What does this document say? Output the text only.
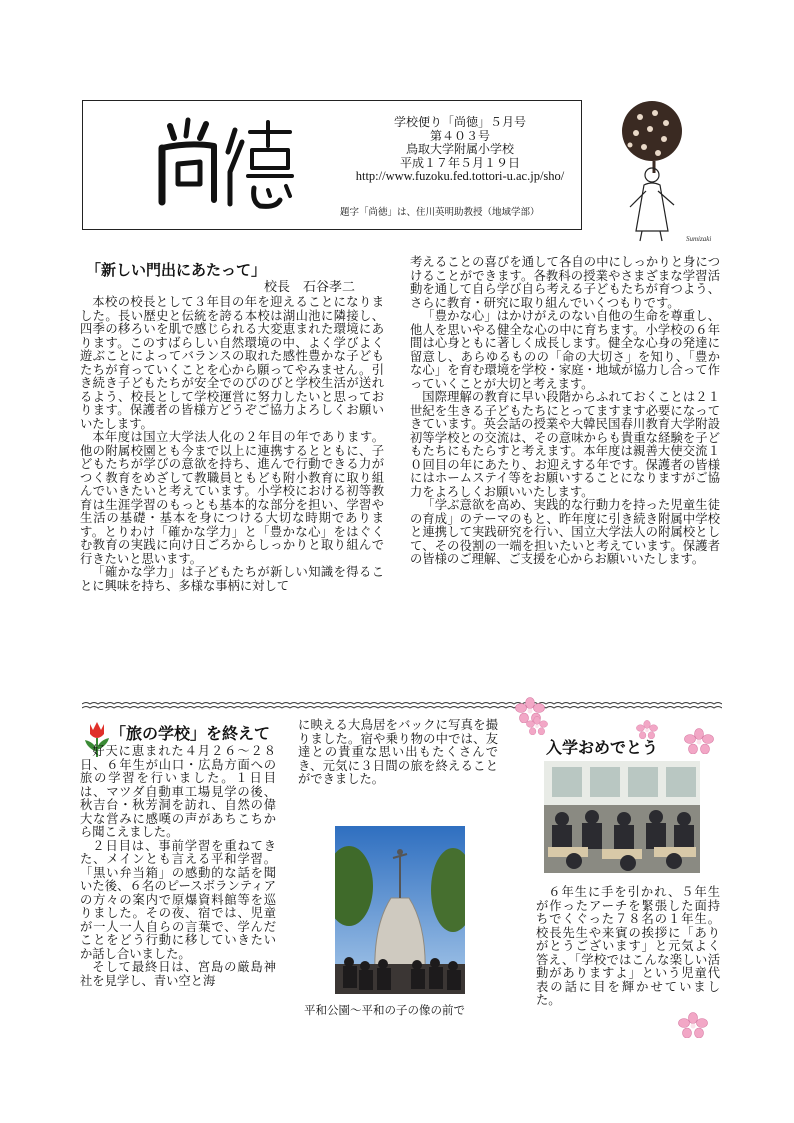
尚徳
学校便り「尚徳」５月号
第４０３号
鳥取大学附属小学校
平成１７年５月１９日
http://www.fuzoku.fed.tottori-u.ac.jp/sho/
題字「尚徳」は、住川英明助教授（地域学部）
Sumizaki
「新しい門出にあたって」
校長　石谷孝二

本校の校長として３年目の年を迎えることになりました。長い歴史と伝統を誇る本校は湖山池に隣接し、四季の移ろいを肌で感じられる大変恵まれた環境にあります。このすばらしい自然環境の中、よく学びよく遊ぶことによってバランスの取れた感性豊かな子どもたちが育っていくことを心から願ってやみません。引き続き子どもたちが安全でのびのびと学校生活が送れるよう、校長として学校運営に努力したいと思っております。保護者の皆様方どうぞご協力よろしくお願いいたします。

本年度は国立大学法人化の２年目の年であります。他の附属校園とも今まで以上に連携するとともに、子どもたちが学びの意欲を持ち、進んで行動できる力がつく教育をめざして教職員ともども附小教育に取り組んでいきたいと考えています。小学校における初等教育は生涯学習のもっとも基本的な部分を担い、学習や生活の基礎・基本を身につける大切な時期であります。とりわけ「確かな学力」と「豊かな心」をはぐくむ教育の実践に向け日ごろからしっかりと取り組んで行きたいと思います。

「確かな学力」は子どもたちが新しい知識を得ることに興味を持ち、多様な事柄に対して

考えることの喜びを通して各自の中にしっかりと身につけることができます。各教科の授業やさまざまな学習活動を通して自ら学び自ら考える子どもたちが育つよう、さらに教育・研究に取り組んでいくつもりです。

「豊かな心」はかけがえのない自他の生命を尊重し、他人を思いやる健全な心の中に育ちます。小学校の６年間は心身ともに著しく成長します。健全な心身の発達に留意し、あらゆるものの「命の大切さ」を知り、「豊かな心」を育む環境を学校・家庭・地域が協力し合って作っていくことが大切と考えます。

国際理解の教育に早い段階からふれておくことは２１世紀を生きる子どもたちにとってますます必要になってきています。英会話の授業や大韓民国春川教育大学附設初等学校との交流は、その意味からも貴重な経験を子どもたちにもたらすと考えます。本年度は親善大使交流１０回目の年にあたり、お迎えする年です。保護者の皆様にはホームステイ等をお願いすることになりますがご協力をよろしくお願いいたします。

「学ぶ意欲を高め、実践的な行動力を持った児童生徒の育成」のテーマのもと、昨年度に引き続き附属中学校と連携して実践研究を行い、国立大学法人の附属校として、その役割の一端を担いたいと考えています。保護者の皆様のご理解、ご支援を心からお願いいたします。

「旅の学校」を終えて

好天に恵まれた４月２６～２８日、６年生が山口・広島方面への旅の学習を行いました。１日目は、マツダ自動車工場見学の後、秋吉台・秋芳洞を訪れ、自然の偉大な営みに感嘆の声があちこちから聞こえました。

２日目は、事前学習を重ねてきた、メインとも言える平和学習。「黒い弁当箱」の感動的な話を聞いた後、６名のピースボランティアの方々の案内で原爆資料館等を巡りました。その夜、宿では、児童が一人一人自らの言葉で、学んだことをどう行動に移していきたいか話し合いました。

そして最終日は、宮島の厳島神社を見学し、青い空と海

に映える大鳥居をバックに写真を撮りました。宿や乗り物の中では、友達との貴重な思い出もたくさんでき、元気に３日間の旅を終えることができました。

平和公園～平和の子の像の前で
入学おめでとう

６年生に手を引かれ、５年生が作ったアーチを緊張した面持ちでくぐった７８名の１年生。校長先生や来賓の挨拶に「ありがとうございます」と元気よく答え、「学校ではこんな楽しい活動がありますよ」という児童代表の話に目を輝かせていました。
